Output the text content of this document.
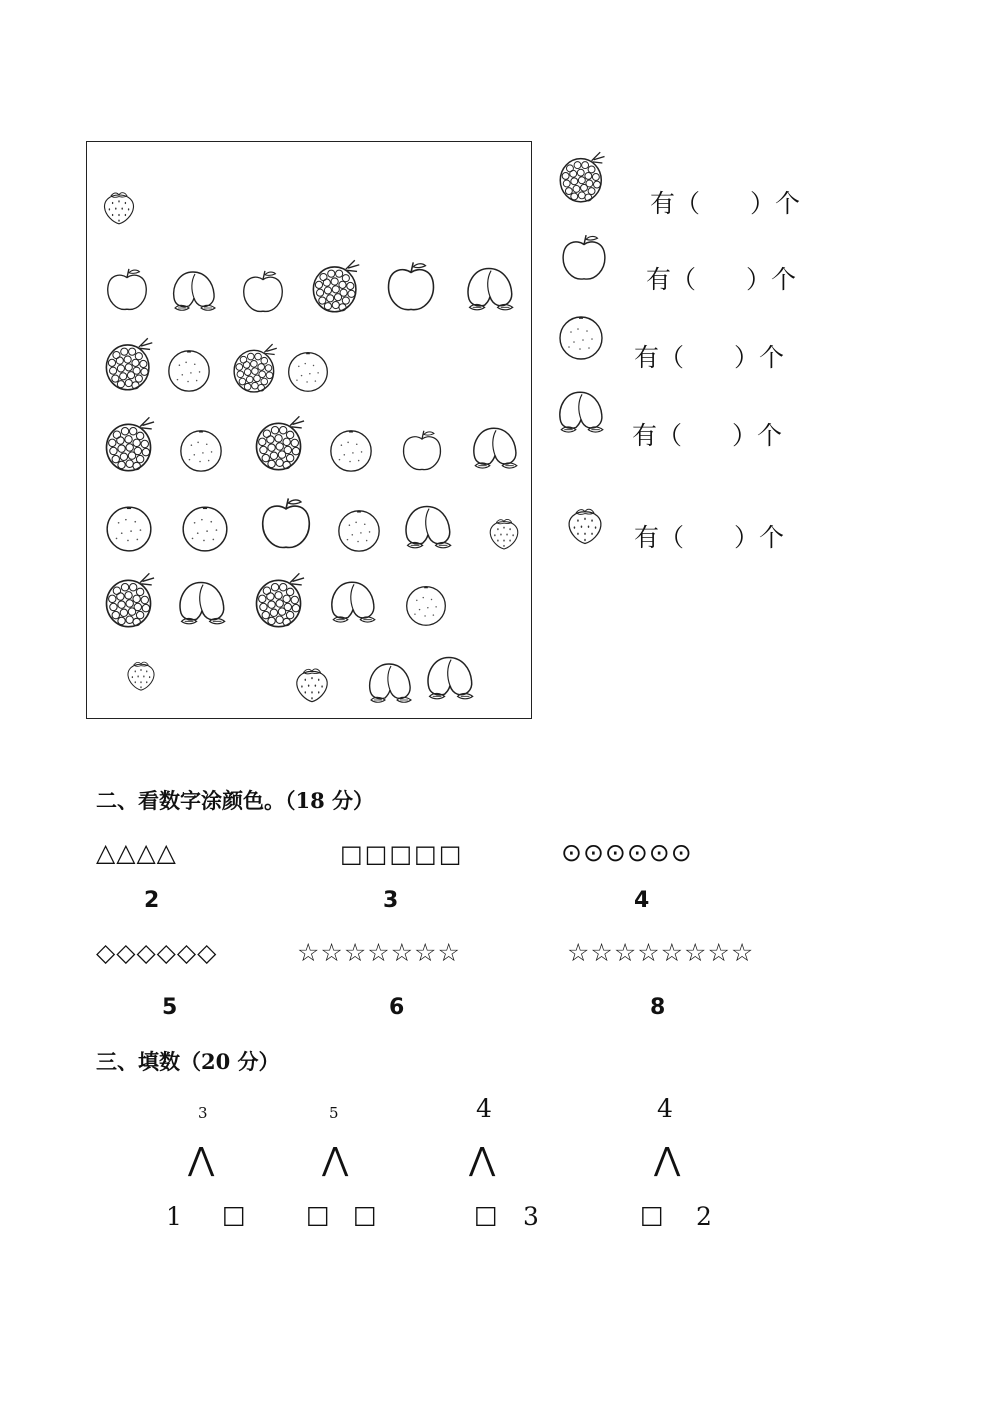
有（　　）个
有（　　）个
有（　　）个
有（　　）个
有（　　）个
二、看数字涂颜色。（18 分）
△△△△	□□□□□	⊙⊙⊙⊙⊙⊙
2	3	4
◇◇◇◇◇◇	☆☆☆☆☆☆☆	☆☆☆☆☆☆☆☆
5	6	8
三、填数（20 分）
3
⋀
1 □
5
⋀
□ □
4
⋀
□ 3
4
⋀
□ 2
